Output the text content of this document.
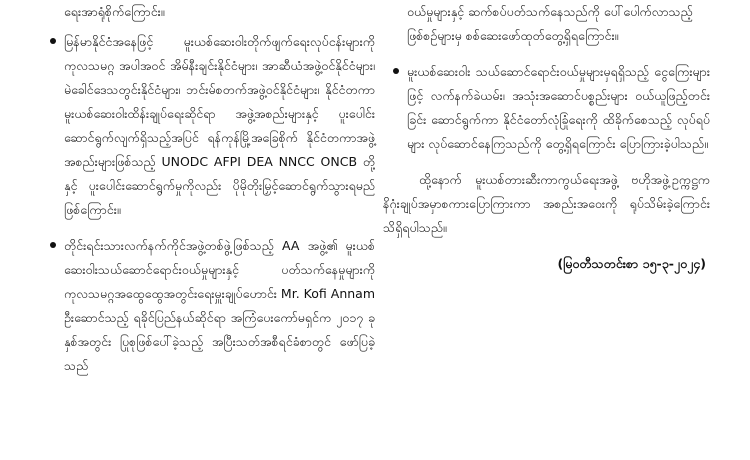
ရေးအာရုံစိုက်ကြောင်း။

မြန်မာနိုင်ငံအနေဖြင့် မူးယစ်ဆေးဝါးတိုက်ဖျက်ရေးလုပ်ငန်းများကို ကုလသမဂ္ဂ အပါအဝင် အိမ်နီးချင်းနိုင်ငံများ၊ အာဆီယံအဖွဲ့ဝင်နိုင်ငံများ၊ မဲခေါင်ဒေသတွင်းနိုင်ငံများ၊ ဘင်းမ်စတက်အဖွဲ့ဝင်နိုင်ငံများ၊ နိုင်ငံတကာ မူးယစ်ဆေးဝါးထိန်းချုပ်ရေးဆိုင်ရာ အဖွဲ့အစည်းများနှင့် ပူးပေါင်းဆောင်ရွက်လျက်ရှိသည့်အပြင် ရန်ကုန်မြို့အခြေစိုက် နိုင်ငံတကာအဖွဲ့အစည်းများဖြစ်သည့် UNODC AFPI DEA NNCC ONCB တို့နှင့် ပူးပေါင်းဆောင်ရွက်မှုကိုလည်း ပိုမိုတိုးမြှင့်ဆောင်ရွက်သွားရမည်ဖြစ်ကြောင်း။
တိုင်းရင်းသားလက်နက်ကိုင်အဖွဲ့တစ်ဖွဲ့ဖြစ်သည့် AA အဖွဲ့၏ မူးယစ်ဆေးဝါးသယ်ဆောင်ရောင်းဝယ်မှုများနှင့် ပတ်သက်နေမှုများကို ကုလသမဂ္ဂအထွေထွေအတွင်းရေးမှူးချုပ်ဟောင်း Mr. Kofi Annam ဦးဆောင်သည့် ရခိုင်ပြည်နယ်ဆိုင်ရာ အကြံပေးကော်မရှင်က ၂၀၁၇ ခုနှစ်အတွင်း ပြုစုဖြစ်ပေါ်ခဲ့သည့် အပြီးသတ်အစီရင်ခံစာတွင် ဖော်ပြခဲ့သည်

ဝယ်မှုများနှင့် ဆက်စပ်ပတ်သက်နေသည်ကို ပေါ်ပေါက်လာသည့် ဖြစ်စဉ်များမှ စစ်ဆေးဖော်ထုတ်တွေ့ရှိရကြောင်း။

မူးယစ်ဆေးဝါး သယ်ဆောင်ရောင်းဝယ်မှုများမှရရှိသည့် ငွေကြေးများဖြင့် လက်နက်ခဲယမ်း၊ အသုံးအဆောင်ပစ္စည်းများ ဝယ်ယူဖြည့်တင်းခြင်း ဆောင်ရွက်ကာ နိုင်ငံတော်လုံခြုံရေးကို ထိခိုက်စေသည့် လုပ်ရပ်များ လုပ်ဆောင်နေကြသည်ကို တွေ့ရှိရကြောင်း ပြောကြားခဲ့ပါသည်။

ထို့နောက် မူးယစ်တားဆီးကာကွယ်ရေးအဖွဲ့ ဗဟိုအဖွဲ့ဥက္ကဋ္ဌက နိဂုံးချုပ်အမှာစကားပြောကြားကာ အစည်းအဝေးကို ရုပ်သိမ်းခဲ့ကြောင်း သိရှိရပါသည်။

(မြဝတီသတင်းစာ ၁၅-၃-၂၀၂၄)
